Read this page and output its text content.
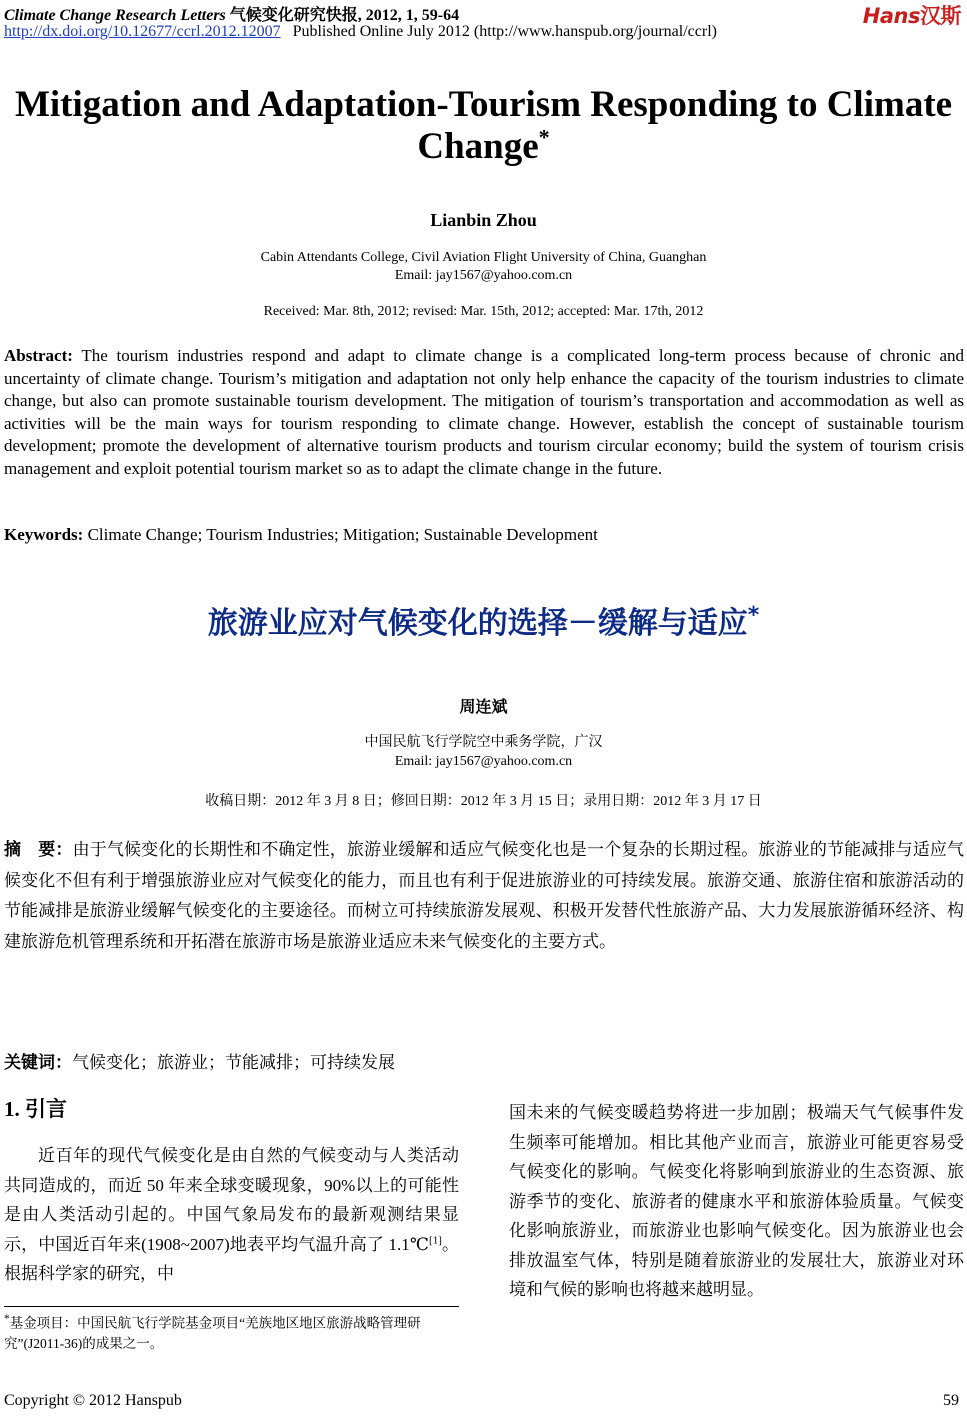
Climate Change Research Letters 气候变化研究快报, 2012, 1, 59-64
http://dx.doi.org/10.12677/ccrl.2012.12007 Published Online July 2012 (http://www.hanspub.org/journal/ccrl)
Hans汉斯
Mitigation and Adaptation-Tourism Responding to Climate Change*
Lianbin Zhou
Cabin Attendants College, Civil Aviation Flight University of China, Guanghan
Email: jay1567@yahoo.com.cn
Received: Mar. 8th, 2012; revised: Mar. 15th, 2012; accepted: Mar. 17th, 2012
Abstract: The tourism industries respond and adapt to climate change is a complicated long-term process because of chronic and uncertainty of climate change. Tourism’s mitigation and adaptation not only help enhance the capacity of the tourism industries to climate change, but also can promote sustainable tourism development. The mitigation of tourism’s transportation and accommodation as well as activities will be the main ways for tourism responding to climate change. However, establish the concept of sustainable tourism development; promote the development of alternative tourism products and tourism circular economy; build the system of tourism crisis management and exploit potential tourism market so as to adapt the climate change in the future.
Keywords: Climate Change; Tourism Industries; Mitigation; Sustainable Development
旅游业应对气候变化的选择－缓解与适应*
周连斌
中国民航飞行学院空中乘务学院，广汉
Email: jay1567@yahoo.com.cn
收稿日期：2012 年 3 月 8 日；修回日期：2012 年 3 月 15 日；录用日期：2012 年 3 月 17 日
摘　要：由于气候变化的长期性和不确定性，旅游业缓解和适应气候变化也是一个复杂的长期过程。旅游业的节能减排与适应气候变化不但有利于增强旅游业应对气候变化的能力，而且也有利于促进旅游业的可持续发展。旅游交通、旅游住宿和旅游活动的节能减排是旅游业缓解气候变化的主要途径。而树立可持续旅游发展观、积极开发替代性旅游产品、大力发展旅游循环经济、构建旅游危机管理系统和开拓潜在旅游市场是旅游业适应未来气候变化的主要方式。
关键词：气候变化；旅游业；节能减排；可持续发展
1. 引言
近百年的现代气候变化是由自然的气候变动与人类活动共同造成的，而近 50 年来全球变暖现象，90%以上的可能性是由人类活动引起的。中国气象局发布的最新观测结果显示，中国近百年来(1908~2007)地表平均气温升高了 1.1℃[1]。根据科学家的研究，中
*基金项目：中国民航飞行学院基金项目“羌族地区地区旅游战略管理研究”(J2011-36)的成果之一。
国未来的气候变暖趋势将进一步加剧；极端天气气候事件发生频率可能增加。相比其他产业而言，旅游业可能更容易受气候变化的影响。气候变化将影响到旅游业的生态资源、旅游季节的变化、旅游者的健康水平和旅游体验质量。气候变化影响旅游业，而旅游业也影响气候变化。因为旅游业也会排放温室气体，特别是随着旅游业的发展壮大，旅游业对环境和气候的影响也将越来越明显。
Copyright © 2012 Hanspub	59
